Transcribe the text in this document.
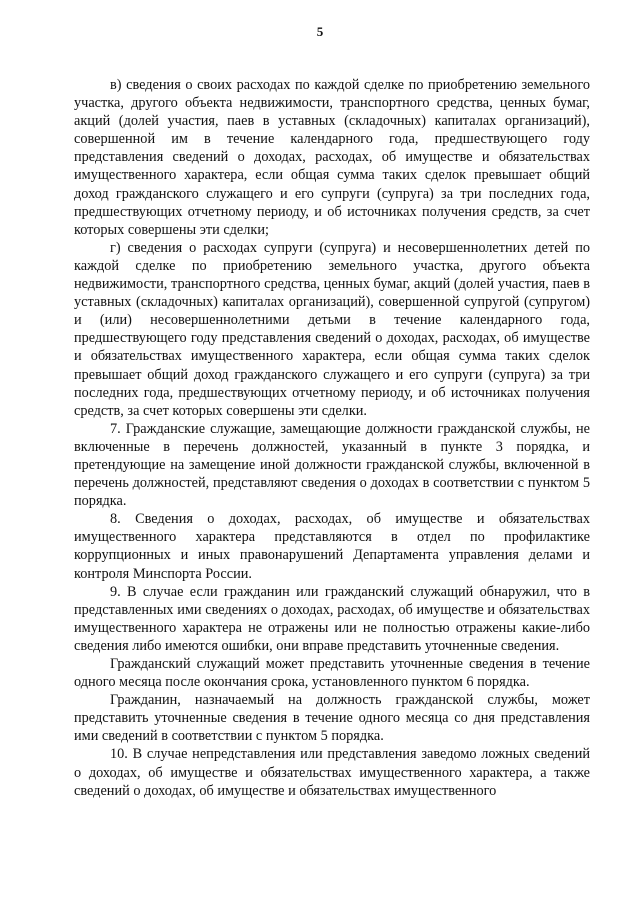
5

в) сведения о своих расходах по каждой сделке по приобретению земельного участка, другого объекта недвижимости, транспортного средства, ценных бумаг, акций (долей участия, паев в уставных (складочных) капиталах организаций), совершенной им в течение календарного года, предшествующего году представления сведений о доходах, расходах, об имуществе и обязательствах имущественного характера, если общая сумма таких сделок превышает общий доход гражданского служащего и его супруги (супруга) за три последних года, предшествующих отчетному периоду, и об источниках получения средств, за счет которых совершены эти сделки;

г) сведения о расходах супруги (супруга) и несовершеннолетних детей по каждой сделке по приобретению земельного участка, другого объекта недвижимости, транспортного средства, ценных бумаг, акций (долей участия, паев в уставных (складочных) капиталах организаций), совершенной супругой (супругом) и (или) несовершеннолетними детьми в течение календарного года, предшествующего году представления сведений о доходах, расходах, об имуществе и обязательствах имущественного характера, если общая сумма таких сделок превышает общий доход гражданского служащего и его супруги (супруга) за три последних года, предшествующих отчетному периоду, и об источниках получения средств, за счет которых совершены эти сделки.

7. Гражданские служащие, замещающие должности гражданской службы, не включенные в перечень должностей, указанный в пункте 3 порядка, и претендующие на замещение иной должности гражданской службы, включенной в перечень должностей, представляют сведения о доходах в соответствии с пунктом 5 порядка.

8. Сведения о доходах, расходах, об имуществе и обязательствах имущественного характера представляются в отдел по профилактике коррупционных и иных правонарушений Департамента управления делами и контроля Минспорта России.

9. В случае если гражданин или гражданский служащий обнаружил, что в представленных ими сведениях о доходах, расходах, об имуществе и обязательствах имущественного характера не отражены или не полностью отражены какие-либо сведения либо имеются ошибки, они вправе представить уточненные сведения.

Гражданский служащий может представить уточненные сведения в течение одного месяца после окончания срока, установленного пунктом 6 порядка.

Гражданин, назначаемый на должность гражданской службы, может представить уточненные сведения в течение одного месяца со дня представления ими сведений в соответствии с пунктом 5 порядка.

10. В случае непредставления или представления заведомо ложных сведений о доходах, об имуществе и обязательствах имущественного характера, а также сведений о доходах, об имуществе и обязательствах имущественного
